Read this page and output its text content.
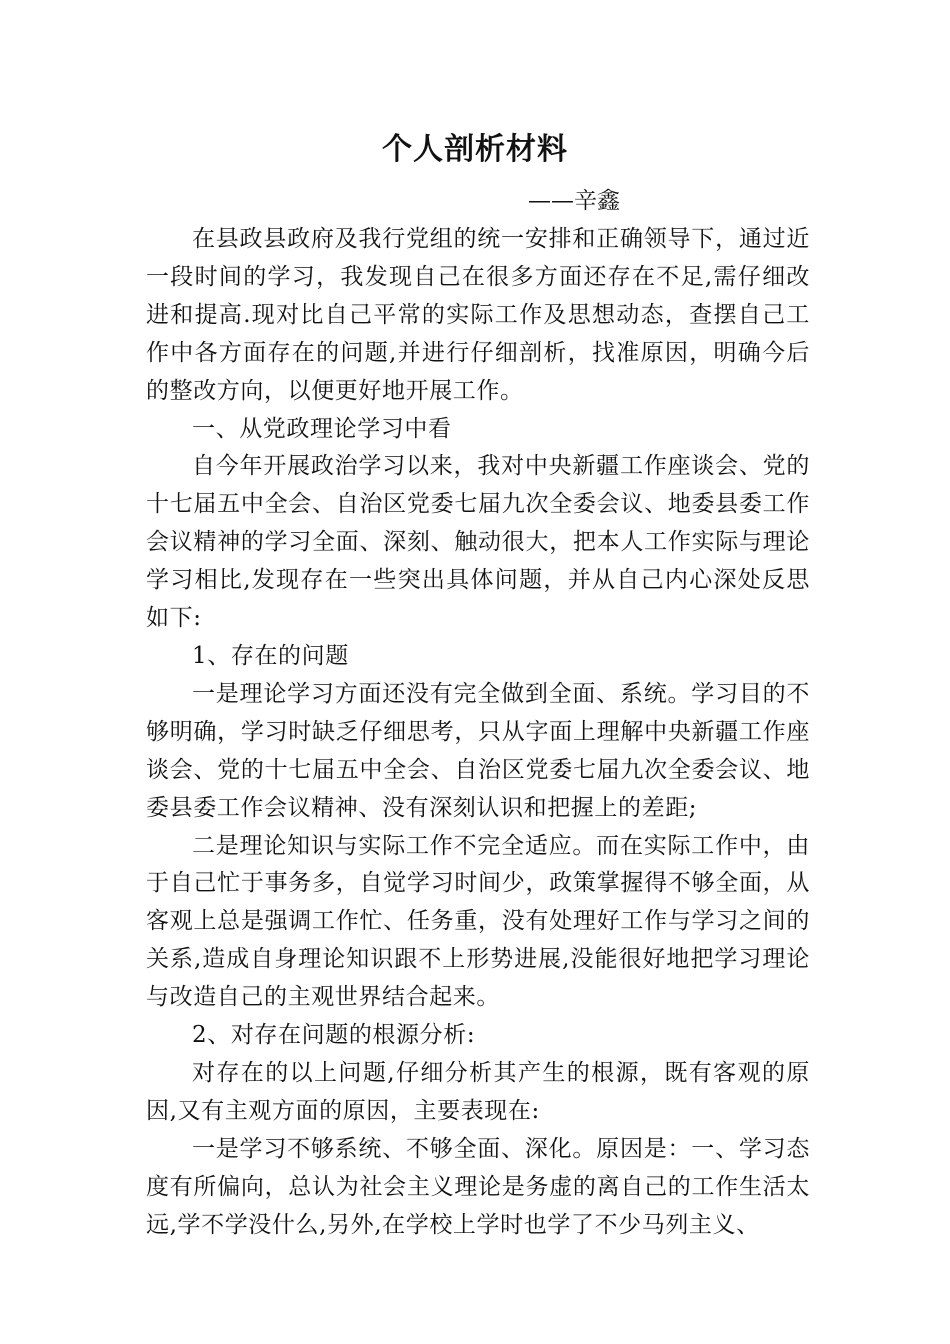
个人剖析材料
——辛鑫

在县政县政府及我行党组的统一安排和正确领导下，通过近一段时间的学习，我发现自己在很多方面还存在不足,需仔细改进和提高.现对比自己平常的实际工作及思想动态，查摆自己工作中各方面存在的问题,并进行仔细剖析，找准原因，明确今后的整改方向，以便更好地开展工作。

一、从党政理论学习中看

自今年开展政治学习以来，我对中央新疆工作座谈会、党的十七届五中全会、自治区党委七届九次全委会议、地委县委工作会议精神的学习全面、深刻、触动很大，把本人工作实际与理论学习相比,发现存在一些突出具体问题，并从自己内心深处反思如下:

1、存在的问题

一是理论学习方面还没有完全做到全面、系统。学习目的不够明确，学习时缺乏仔细思考，只从字面上理解中央新疆工作座谈会、党的十七届五中全会、自治区党委七届九次全委会议、地委县委工作会议精神、没有深刻认识和把握上的差距;

二是理论知识与实际工作不完全适应。而在实际工作中，由于自己忙于事务多，自觉学习时间少，政策掌握得不够全面，从客观上总是强调工作忙、任务重，没有处理好工作与学习之间的关系,造成自身理论知识跟不上形势进展,没能很好地把学习理论与改造自己的主观世界结合起来。

2、对存在问题的根源分析:

对存在的以上问题,仔细分析其产生的根源，既有客观的原因,又有主观方面的原因，主要表现在:

一是学习不够系统、不够全面、深化。原因是：一、学习态度有所偏向，总认为社会主义理论是务虚的离自己的工作生活太远,学不学没什么,另外,在学校上学时也学了不少马列主义、
